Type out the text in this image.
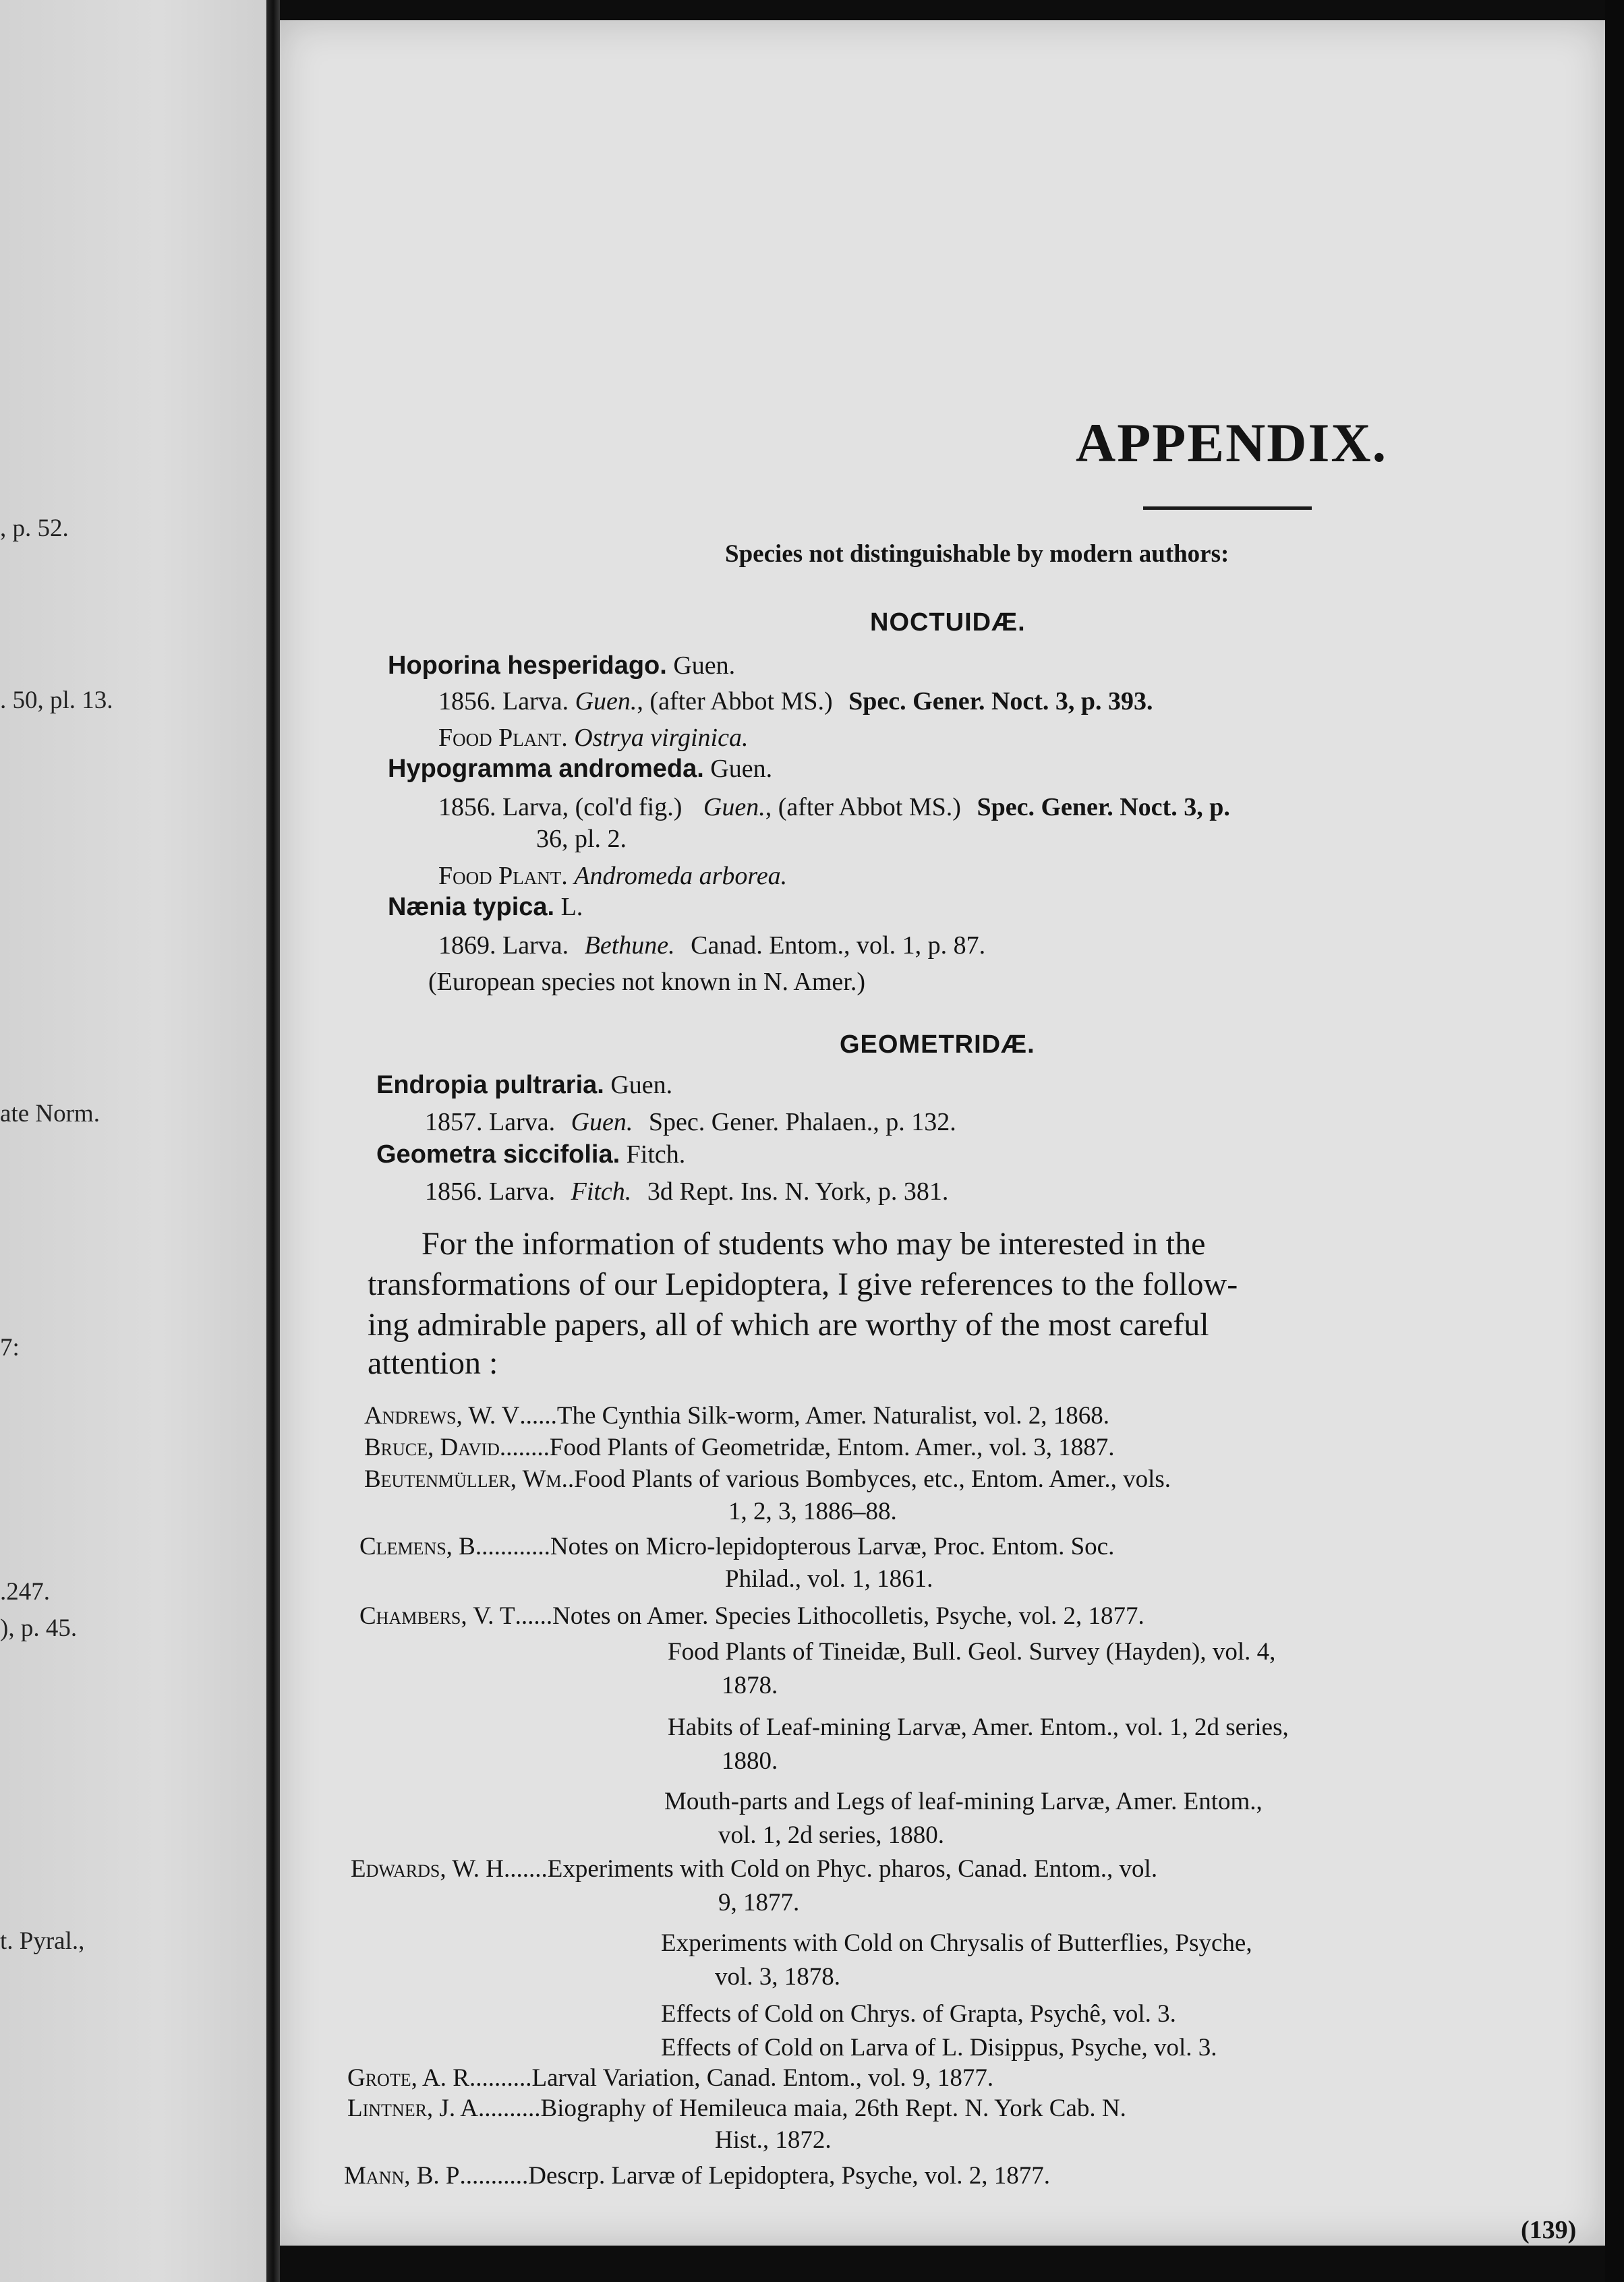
, p. 52.
. 50, pl. 13.
ate Norm.
7:
.247.
), p. 45.
t. Pyral.,
APPENDIX.
Species not distinguishable by modern authors:
NOCTUIDÆ.
Hoporina hesperidago. Guen.
1856. Larva. Guen., (after Abbot MS.) Spec. Gener. Noct. 3, p. 393.
Food Plant. Ostrya virginica.
Hypogramma andromeda. Guen.
1856. Larva, (col'd fig.) Guen., (after Abbot MS.) Spec. Gener. Noct. 3, p.
36, pl. 2.
Food Plant. Andromeda arborea.
Nænia typica. L.
1869. Larva. Bethune. Canad. Entom., vol. 1, p. 87.
(European species not known in N. Amer.)
GEOMETRIDÆ.
Endropia pultraria. Guen.
1857. Larva. Guen. Spec. Gener. Phalaen., p. 132.
Geometra siccifolia. Fitch.
1856. Larva. Fitch. 3d Rept. Ins. N. York, p. 381.
For the information of students who may be interested in the
transformations of our Lepidoptera, I give references to the follow-
ing admirable papers, all of which are worthy of the most careful
attention :
Andrews, W. V......The Cynthia Silk-worm, Amer. Naturalist, vol. 2, 1868.
Bruce, David........Food Plants of Geometridæ, Entom. Amer., vol. 3, 1887.
Beutenmüller, Wm..Food Plants of various Bombyces, etc., Entom. Amer., vols.
1, 2, 3, 1886–88.
Clemens, B............Notes on Micro-lepidopterous Larvæ, Proc. Entom. Soc.
Philad., vol. 1, 1861.
Chambers, V. T......Notes on Amer. Species Lithocolletis, Psyche, vol. 2, 1877.
Food Plants of Tineidæ, Bull. Geol. Survey (Hayden), vol. 4,
1878.
Habits of Leaf-mining Larvæ, Amer. Entom., vol. 1, 2d series,
1880.
Mouth-parts and Legs of leaf-mining Larvæ, Amer. Entom.,
vol. 1, 2d series, 1880.
Edwards, W. H.......Experiments with Cold on Phyc. pharos, Canad. Entom., vol.
9, 1877.
Experiments with Cold on Chrysalis of Butterflies, Psyche,
vol. 3, 1878.
Effects of Cold on Chrys. of Grapta, Psychê, vol. 3.
Effects of Cold on Larva of L. Disippus, Psyche, vol. 3.
Grote, A. R..........Larval Variation, Canad. Entom., vol. 9, 1877.
Lintner, J. A..........Biography of Hemileuca maia, 26th Rept. N. York Cab. N.
Hist., 1872.
Mann, B. P...........Descrp. Larvæ of Lepidoptera, Psyche, vol. 2, 1877.
(139)
